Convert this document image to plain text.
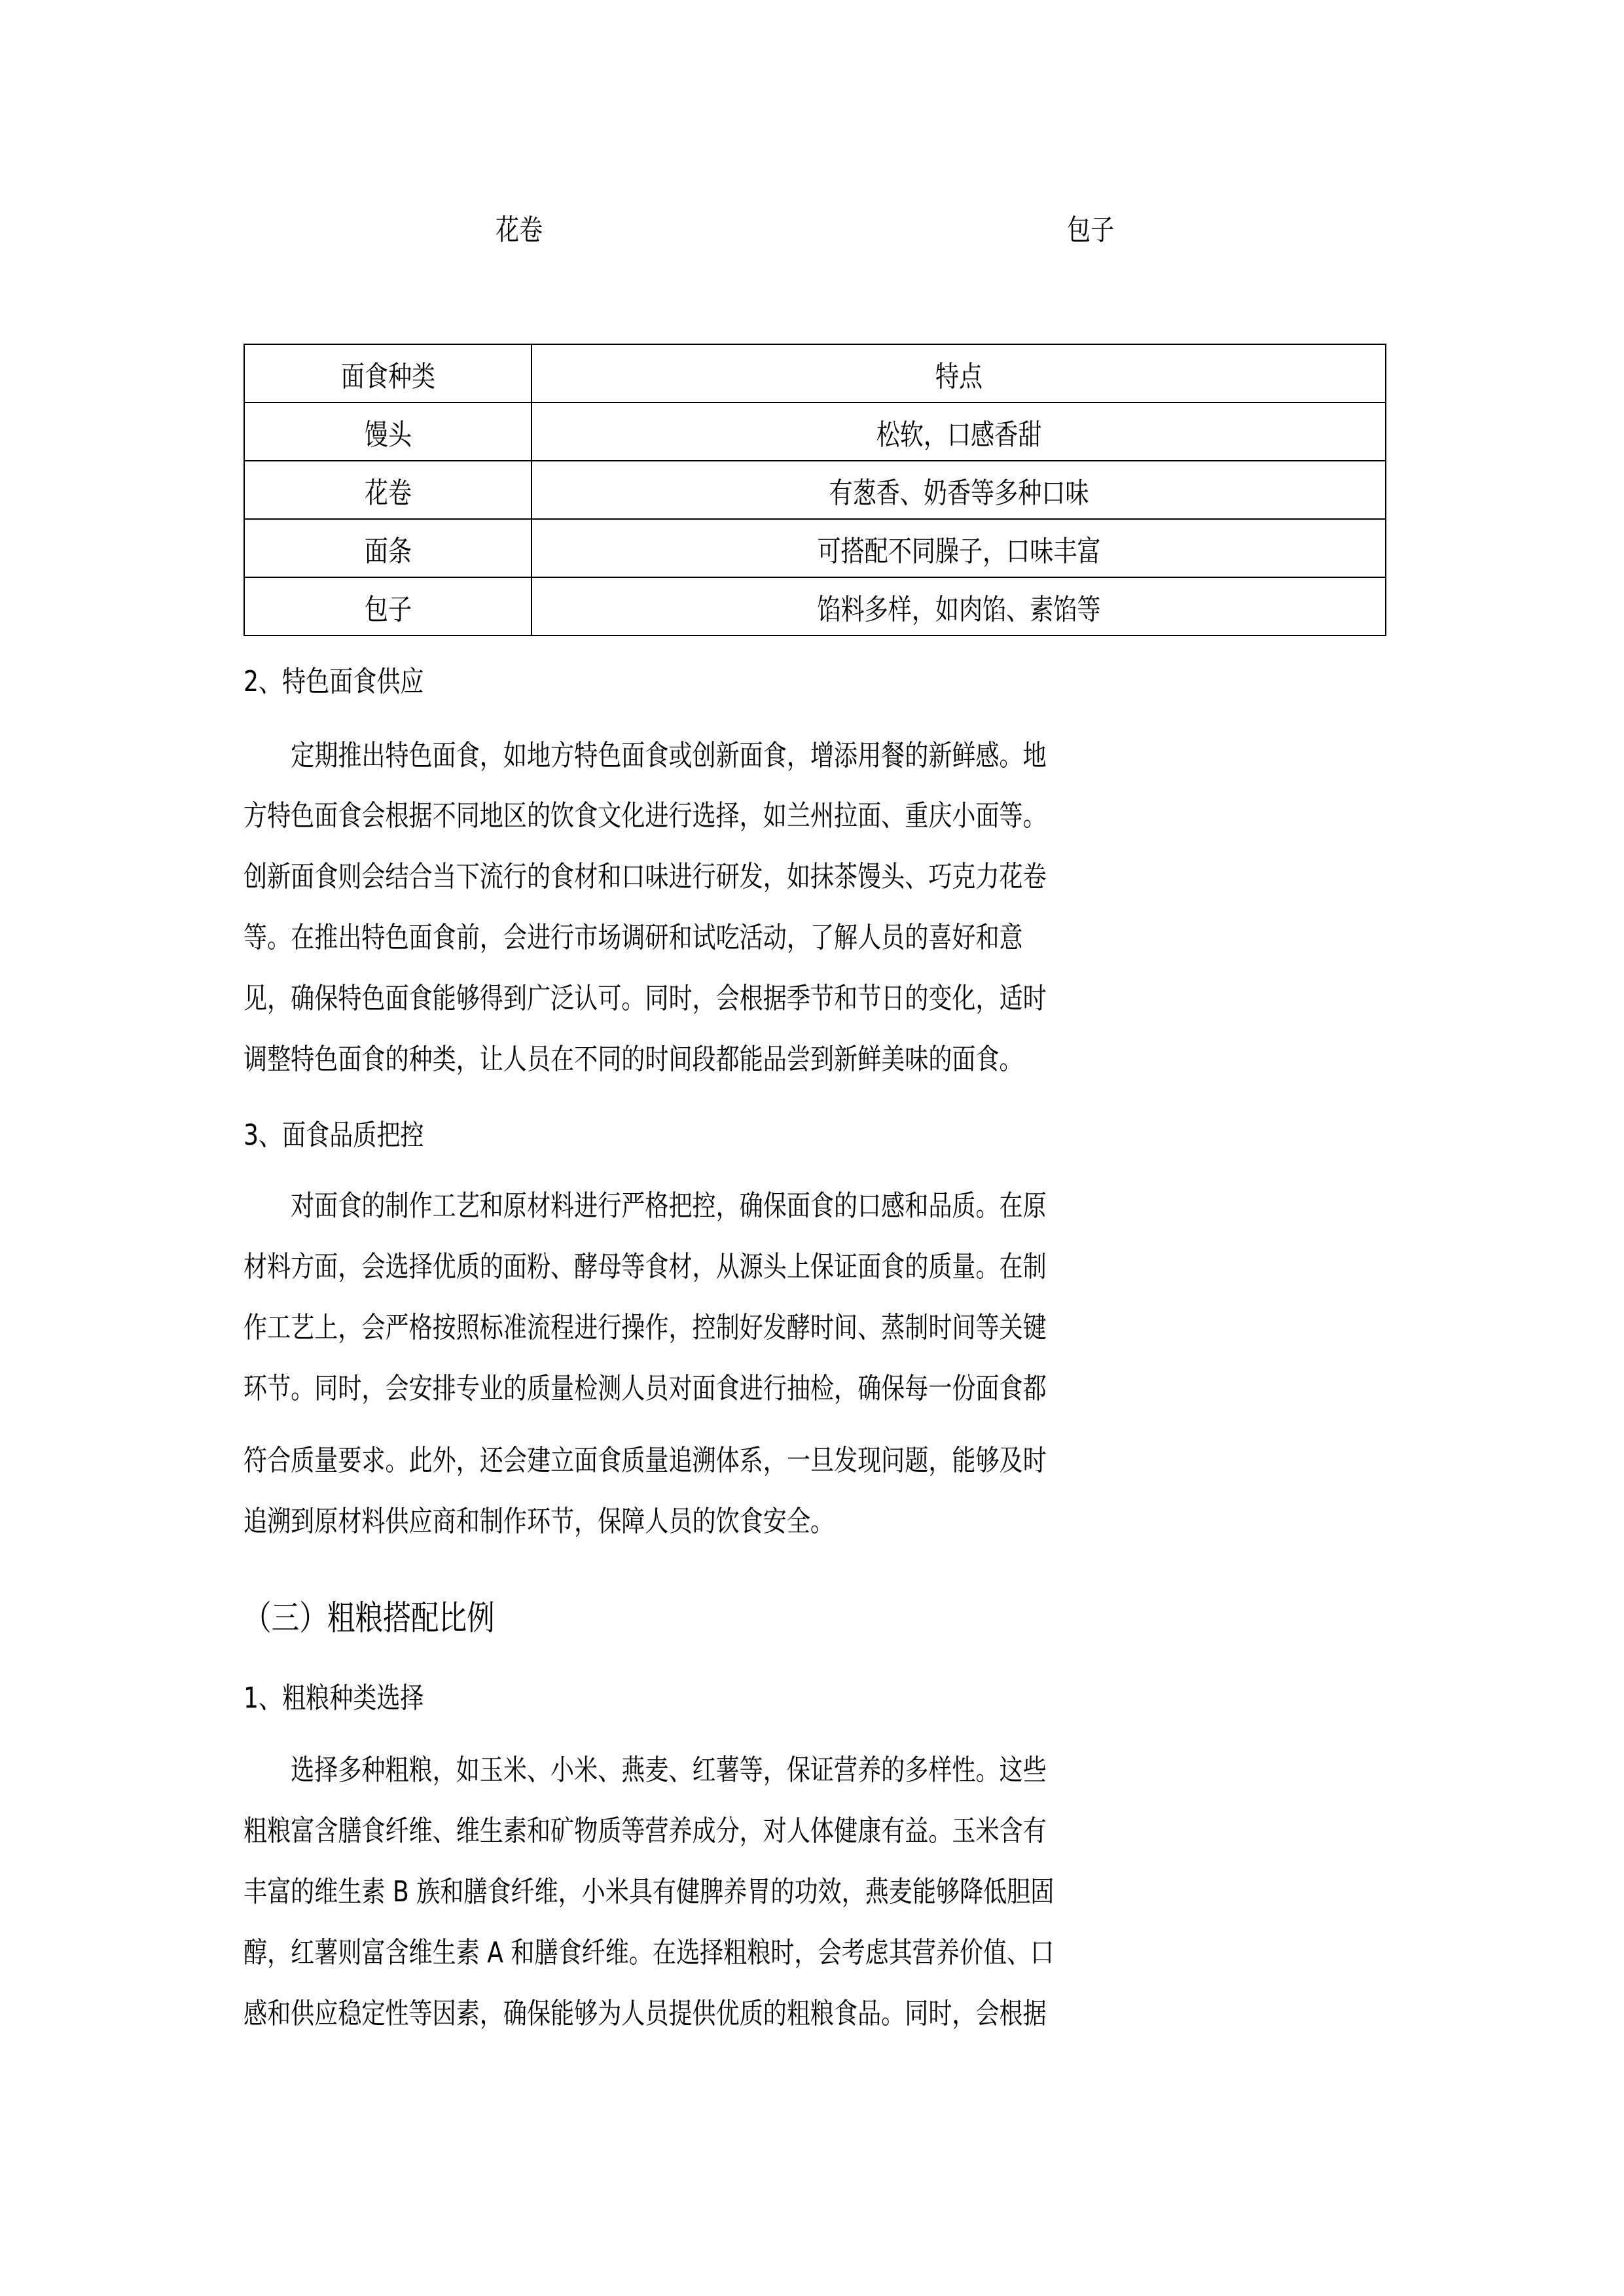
花卷	包子
面食种类	特点
馒头	松软，口感香甜
花卷	有葱香、奶香等多种口味
面条	可搭配不同臊子，口味丰富
包子	馅料多样，如肉馅、素馅等
2、特色面食供应
　　定期推出特色面食，如地方特色面食或创新面食，增添用餐的新鲜感。地
方特色面食会根据不同地区的饮食文化进行选择，如兰州拉面、重庆小面等。
创新面食则会结合当下流行的食材和口味进行研发，如抹茶馒头、巧克力花卷
等。在推出特色面食前，会进行市场调研和试吃活动，了解人员的喜好和意
见，确保特色面食能够得到广泛认可。同时，会根据季节和节日的变化，适时
调整特色面食的种类，让人员在不同的时间段都能品尝到新鲜美味的面食。
3、面食品质把控
　　对面食的制作工艺和原材料进行严格把控，确保面食的口感和品质。在原
材料方面，会选择优质的面粉、酵母等食材，从源头上保证面食的质量。在制
作工艺上，会严格按照标准流程进行操作，控制好发酵时间、蒸制时间等关键
环节。同时，会安排专业的质量检测人员对面食进行抽检，确保每一份面食都
符合质量要求。此外，还会建立面食质量追溯体系，一旦发现问题，能够及时
追溯到原材料供应商和制作环节，保障人员的饮食安全。
（三）粗粮搭配比例
1、粗粮种类选择
　　选择多种粗粮，如玉米、小米、燕麦、红薯等，保证营养的多样性。这些
粗粮富含膳食纤维、维生素和矿物质等营养成分，对人体健康有益。玉米含有
丰富的维生素 B 族和膳食纤维，小米具有健脾养胃的功效，燕麦能够降低胆固
醇，红薯则富含维生素 A 和膳食纤维。在选择粗粮时，会考虑其营养价值、口
感和供应稳定性等因素，确保能够为人员提供优质的粗粮食品。同时，会根据
